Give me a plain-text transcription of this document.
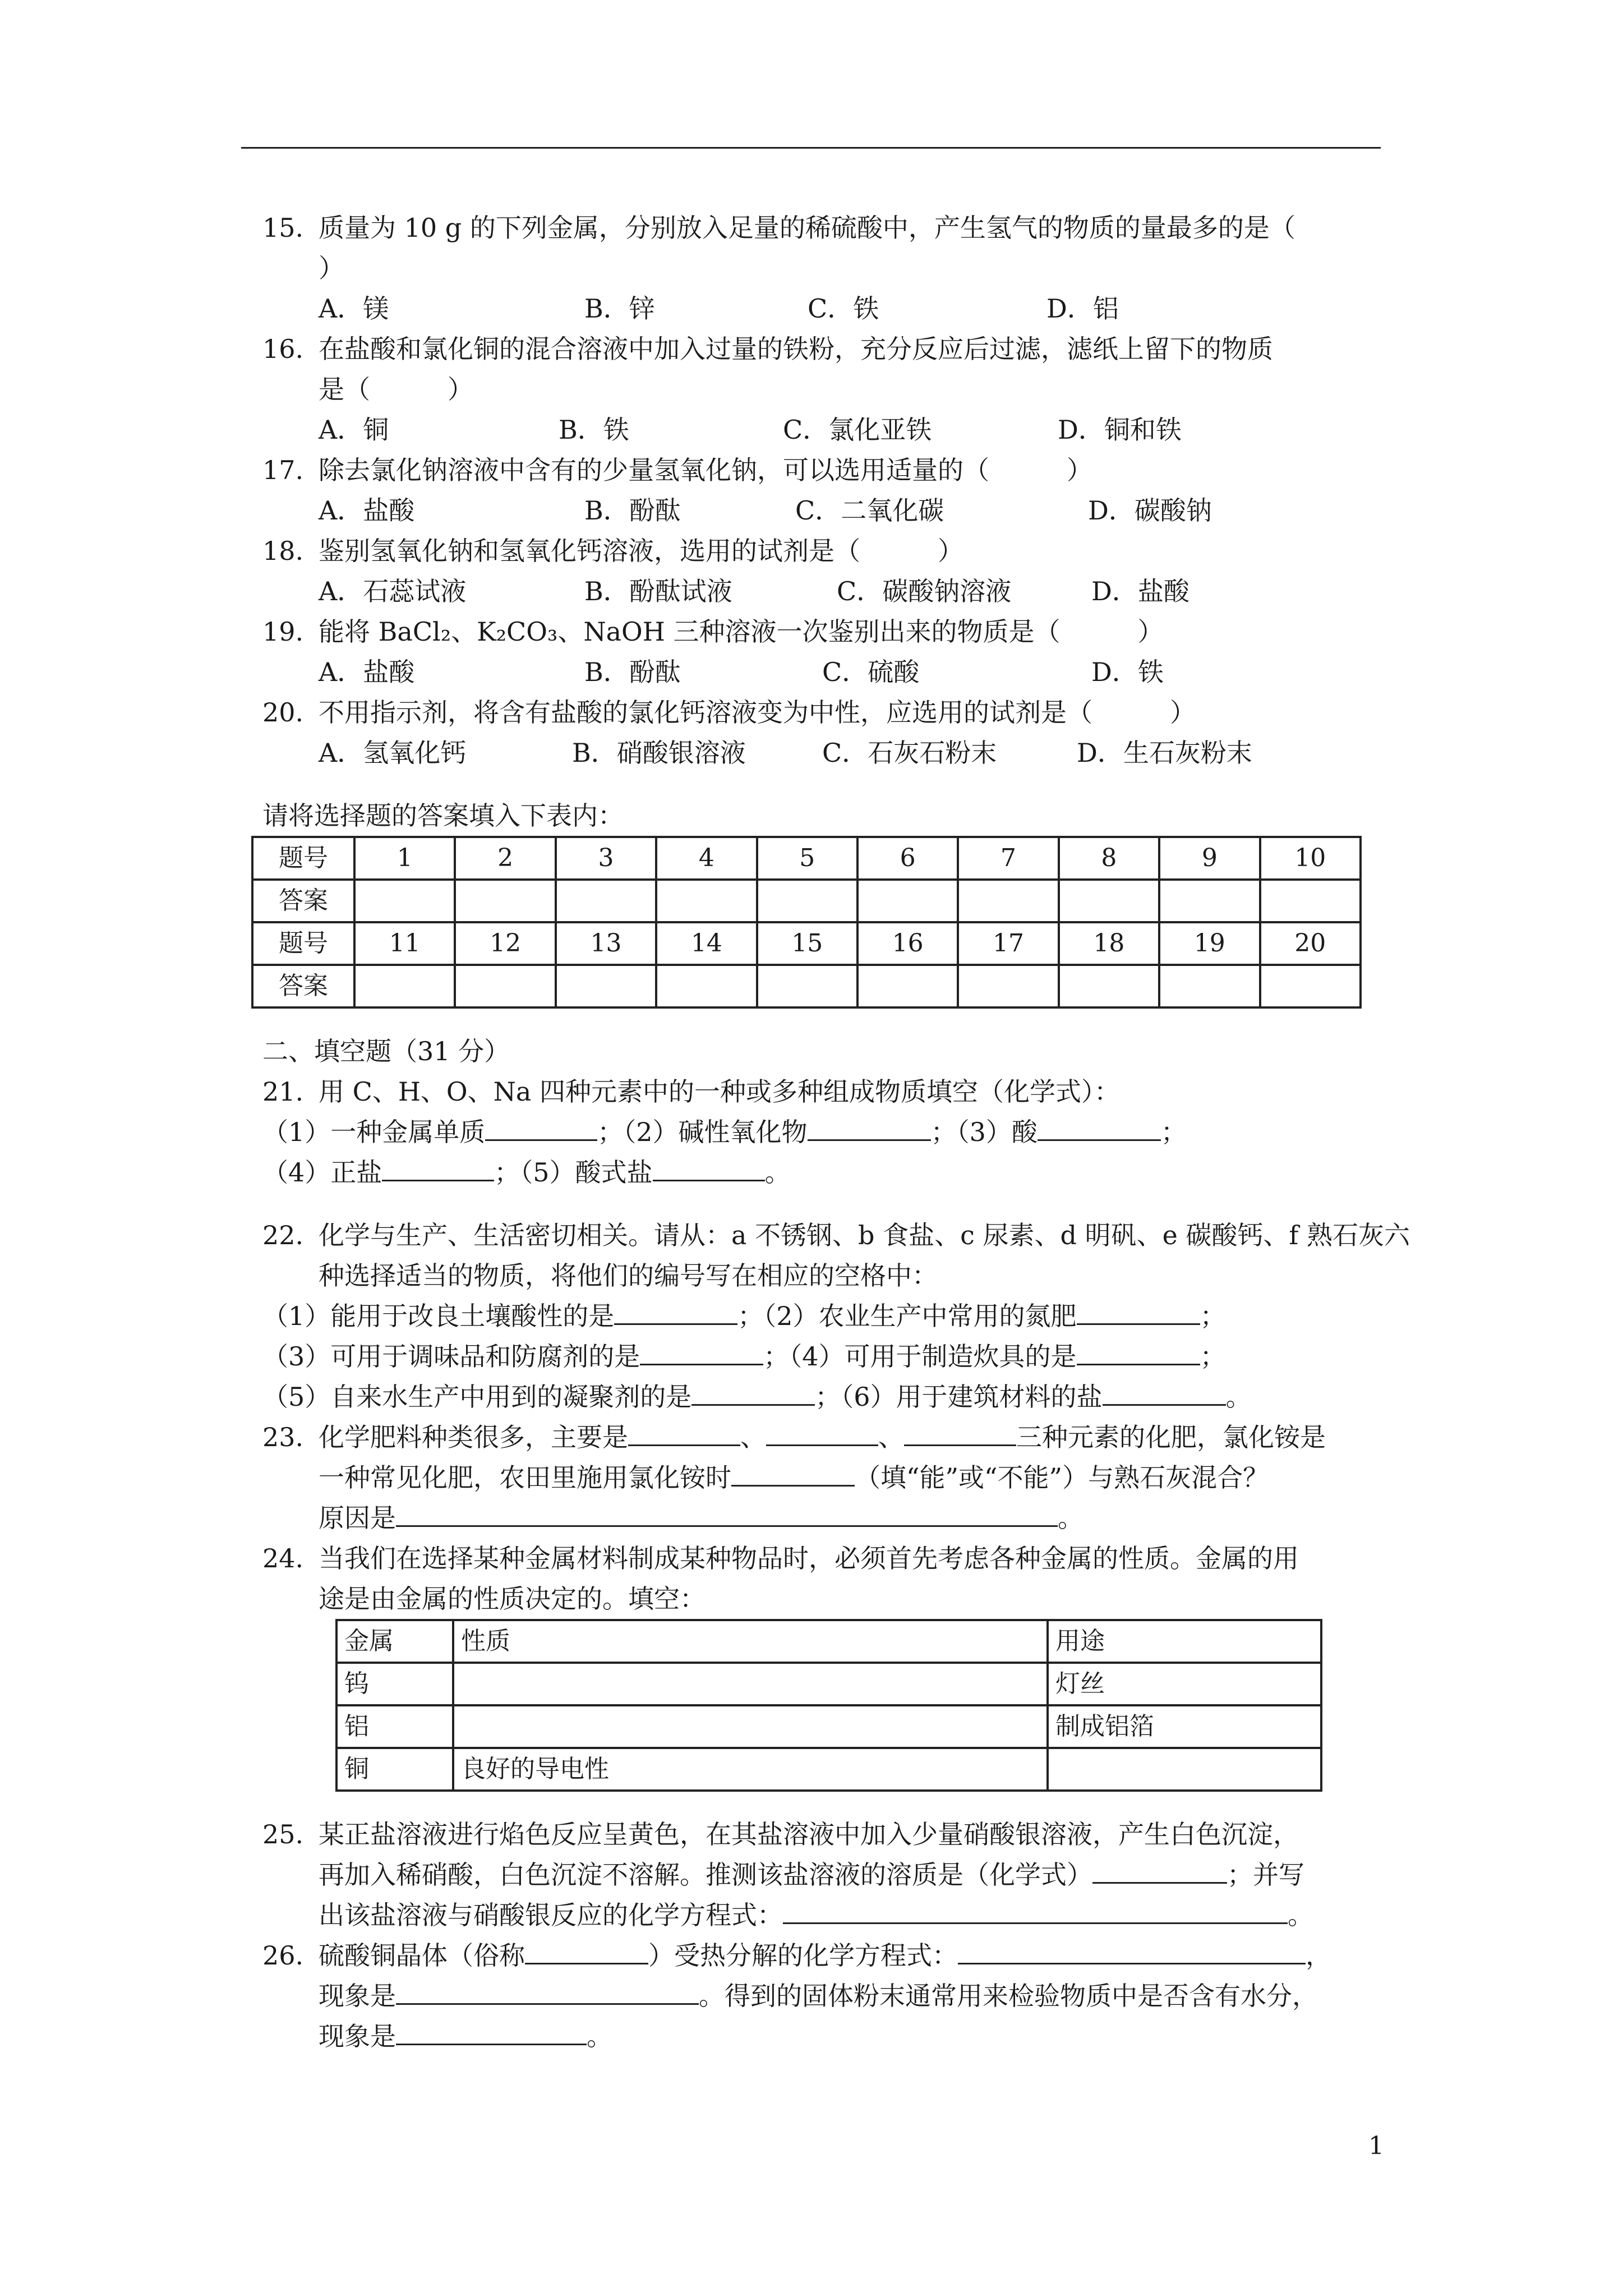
15. 质量为 10 g 的下列金属，分别放入足量的稀硫酸中，产生氢气的物质的量最多的是（
）
A．镁	B．锌	C．铁	D．铝
16. 在盐酸和氯化铜的混合溶液中加入过量的铁粉，充分反应后过滤，滤纸上留下的物质
是（　　　）
A．铜	B．铁	C．氯化亚铁	D．铜和铁
17. 除去氯化钠溶液中含有的少量氢氧化钠，可以选用适量的（　　　）
A．盐酸	B．酚酞	C．二氧化碳	D．碳酸钠
18. 鉴别氢氧化钠和氢氧化钙溶液，选用的试剂是（　　　）
A．石蕊试液	B．酚酞试液	C．碳酸钠溶液	D．盐酸
19. 能将 BaCl₂、K₂CO₃、NaOH 三种溶液一次鉴别出来的物质是（　　　）
A．盐酸	B．酚酞	C．硫酸	D．铁
20. 不用指示剂，将含有盐酸的氯化钙溶液变为中性，应选用的试剂是（　　　）
A．氢氧化钙	B．硝酸银溶液	C．石灰石粉末	D．生石灰粉末
请将选择题的答案填入下表内：
题号	1	2	3	4	5	6	7	8	9	10
答案										
题号	11	12	13	14	15	16	17	18	19	20
答案										
二、填空题（31 分）
21. 用 C、H、O、Na 四种元素中的一种或多种组成物质填空（化学式）：
（1）一种金属单质	；（2）碱性氧化物	；（3）酸	；
（4）正盐	；（5）酸式盐	。
22. 化学与生产、生活密切相关。请从：a 不锈钢、b 食盐、c 尿素、d 明矾、e 碳酸钙、f 熟石灰六
种选择适当的物质，将他们的编号写在相应的空格中：
（1）能用于改良土壤酸性的是	；（2）农业生产中常用的氮肥	；
（3）可用于调味品和防腐剂的是	；（4）可用于制造炊具的是	；
（5）自来水生产中用到的凝聚剂的是	；（6）用于建筑材料的盐	。
23. 化学肥料种类很多，主要是	、	、	三种元素的化肥，氯化铵是
一种常见化肥，农田里施用氯化铵时	（填“能”或“不能”）与熟石灰混合？
原因是	。
24. 当我们在选择某种金属材料制成某种物品时，必须首先考虑各种金属的性质。金属的用
途是由金属的性质决定的。填空：
金属	性质	用途
钨		灯丝
铝		制成铝箔
铜	良好的导电性	
25. 某正盐溶液进行焰色反应呈黄色，在其盐溶液中加入少量硝酸银溶液，产生白色沉淀，
再加入稀硝酸，白色沉淀不溶解。推测该盐溶液的溶质是（化学式）	；并写
出该盐溶液与硝酸银反应的化学方程式：	。
26. 硫酸铜晶体（俗称	）受热分解的化学方程式：	，
现象是	。得到的固体粉末通常用来检验物质中是否含有水分，
现象是	。
1
